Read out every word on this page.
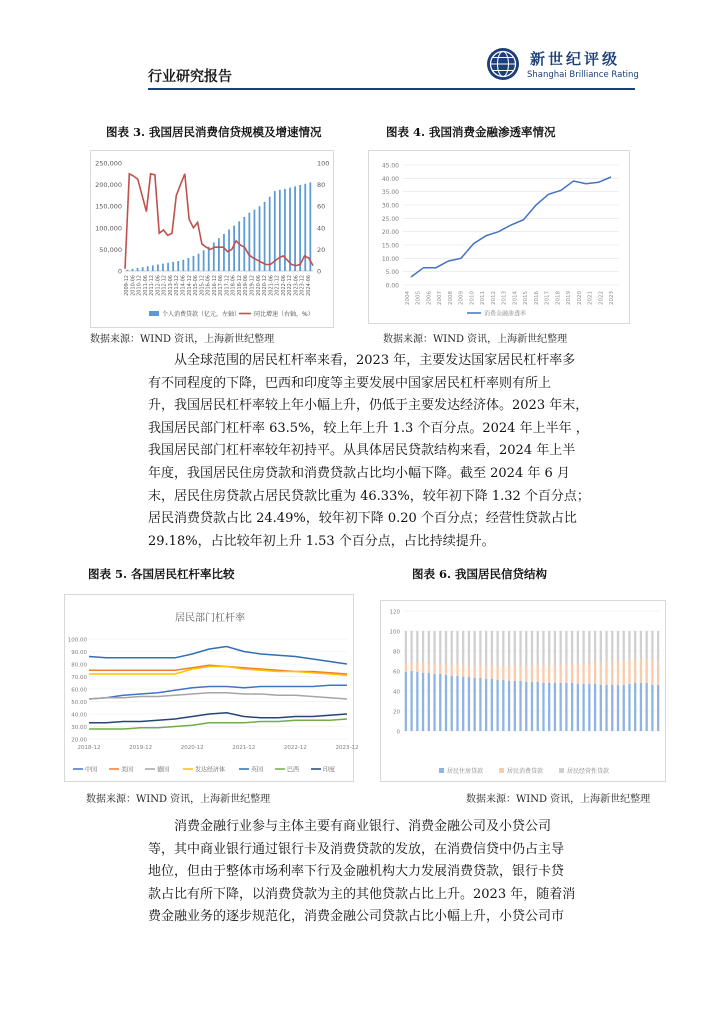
行业研究报告
新世纪评级
Shanghai Brilliance Rating
图表 3. 我国居民消费信贷规模及增速情况
250,000
200,000
150,000
100,000
50,000
0
100
80
60
40
20
0
2009-12 2010-06 2010-12 2011-06 2011-12 2012-06 2012-12 2013-06 2013-12 2014-06 2014-12 2015-06 2015-12 2016-06 2016-12 2017-06 2017-12 2018-06 2018-12 2019-06 2019-12 2020-06 2020-12 2021-06 2021-12 2022-06 2022-12 2023-06 2023-12 2024-06
个人消费贷款（亿元，左轴） 同比增速（右轴，%）
数据来源：WIND 资讯，上海新世纪整理
图表 4. 我国消费金融渗透率情况
45.00
40.00
35.00
30.00
25.00
20.00
15.00
10.00
5.00
0.00
2004 2005 2006 2007 2008 2009 2010 2011 2012 2013 2014 2015 2016 2017 2018 2019 2020 2021 2022 2023
消费金融渗透率
数据来源：WIND 资讯，上海新世纪整理
从全球范围的居民杠杆率来看，2023 年，主要发达国家居民杠杆率多
有不同程度的下降，巴西和印度等主要发展中国家居民杠杆率则有所上
升，我国居民杠杆率较上年小幅上升，仍低于主要发达经济体。2023 年末，
我国居民部门杠杆率 63.5%，较上年上升 1.3 个百分点。2024 年上半年 ，
我国居民部门杠杆率较年初持平。从具体居民贷款结构来看，2024 年上半
年度，我国居民住房贷款和消费贷款占比均小幅下降。截至 2024 年 6 月
末，居民住房贷款占居民贷款比重为 46.33%，较年初下降 1.32 个百分点；
居民消费贷款占比 24.49%，较年初下降 0.20 个百分点；经营性贷款占比
29.18%，占比较年初上升 1.53 个百分点，占比持续提升。
图表 5. 各国居民杠杆率比较
居民部门杠杆率
100.00
90.00
80.00
70.00
60.00
50.00
40.00
30.00
20.00
2018-12	2019-12	2020-12	2021-12	2022-12	2023-12
中国	美国	德国	发达经济体	英国	巴西	印度
数据来源：WIND 资讯，上海新世纪整理
图表 6. 我国居民信贷结构
120
100
80
60
40
20
0
居民住房贷款	居民消费贷款	居民经营性贷款
数据来源：WIND 资讯，上海新世纪整理
消费金融行业参与主体主要有商业银行、消费金融公司及小贷公司
等，其中商业银行通过银行卡及消费贷款的发放，在消费信贷中仍占主导
地位，但由于整体市场利率下行及金融机构大力发展消费贷款，银行卡贷
款占比有所下降，以消费贷款为主的其他贷款占比上升。2023 年，随着消
费金融业务的逐步规范化，消费金融公司贷款占比小幅上升，小贷公司市
